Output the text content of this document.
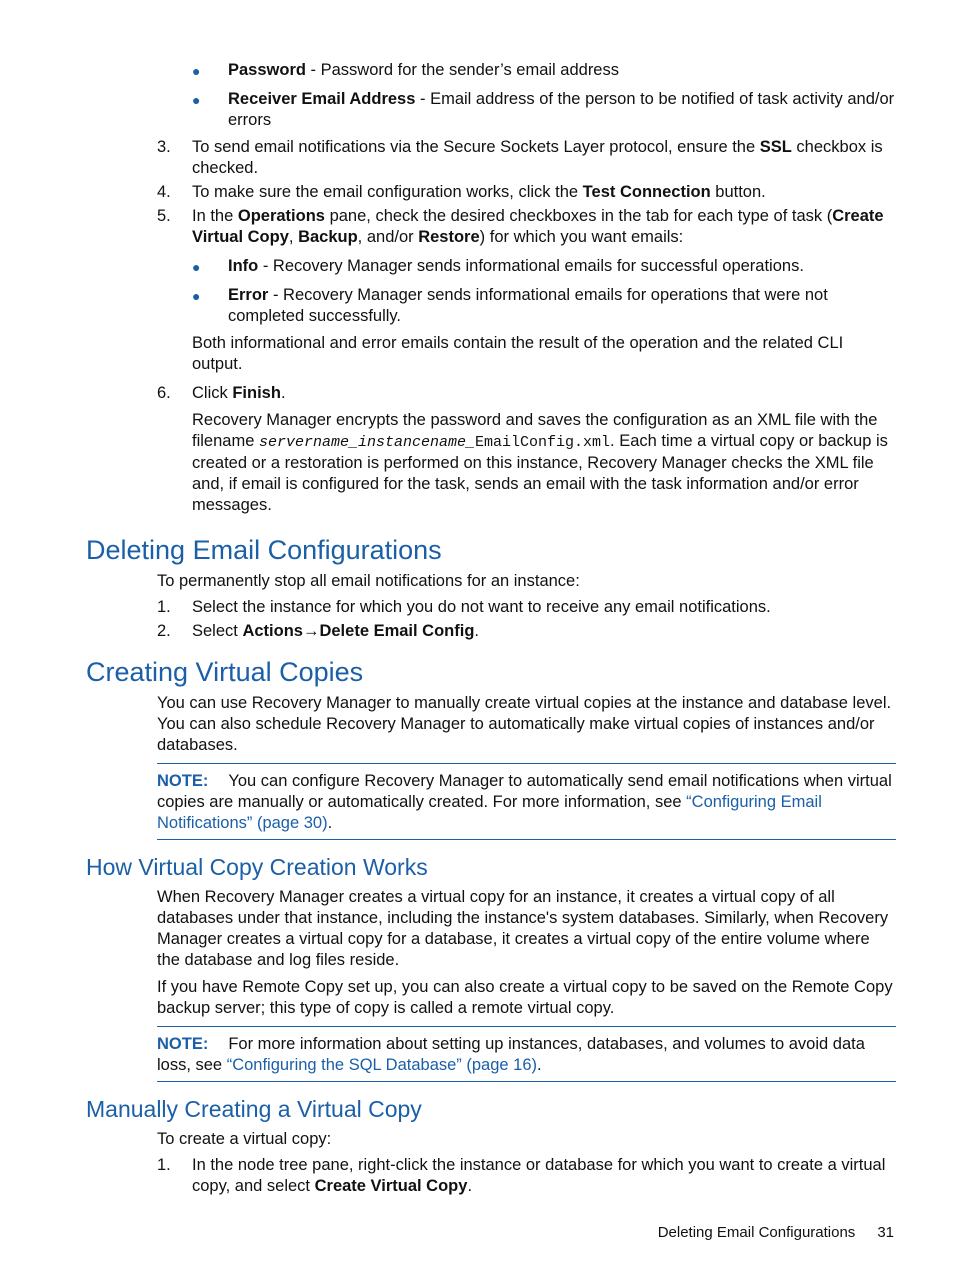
●	Password - Password for the sender’s email address
●	Receiver Email Address - Email address of the person to be notified of task activity and/or errors
3.	To send email notifications via the Secure Sockets Layer protocol, ensure the SSL checkbox is checked.
4.	To make sure the email configuration works, click the Test Connection button.
5.	In the Operations pane, check the desired checkboxes in the tab for each type of task (Create Virtual Copy, Backup, and/or Restore) for which you want emails:
●	Info - Recovery Manager sends informational emails for successful operations.
●	Error - Recovery Manager sends informational emails for operations that were not completed successfully.
Both informational and error emails contain the result of the operation and the related CLI output.
6.	Click Finish.
Recovery Manager encrypts the password and saves the configuration as an XML file with the filename servername_instancename_EmailConfig.xml. Each time a virtual copy or backup is created or a restoration is performed on this instance, Recovery Manager checks the XML file and, if email is configured for the task, sends an email with the task information and/or error messages.
Deleting Email Configurations
To permanently stop all email notifications for an instance:
1.	Select the instance for which you do not want to receive any email notifications.
2.	Select Actions→Delete Email Config.
Creating Virtual Copies
You can use Recovery Manager to manually create virtual copies at the instance and database level. You can also schedule Recovery Manager to automatically make virtual copies of instances and/or databases.
NOTE: You can configure Recovery Manager to automatically send email notifications when virtual copies are manually or automatically created. For more information, see “Configuring Email Notifications” (page 30).
How Virtual Copy Creation Works
When Recovery Manager creates a virtual copy for an instance, it creates a virtual copy of all databases under that instance, including the instance's system databases. Similarly, when Recovery Manager creates a virtual copy for a database, it creates a virtual copy of the entire volume where the database and log files reside.
If you have Remote Copy set up, you can also create a virtual copy to be saved on the Remote Copy backup server; this type of copy is called a remote virtual copy.
NOTE: For more information about setting up instances, databases, and volumes to avoid data loss, see “Configuring the SQL Database” (page 16).
Manually Creating a Virtual Copy
To create a virtual copy:
1.	In the node tree pane, right-click the instance or database for which you want to create a virtual copy, and select Create Virtual Copy.
Deleting Email Configurations 31
